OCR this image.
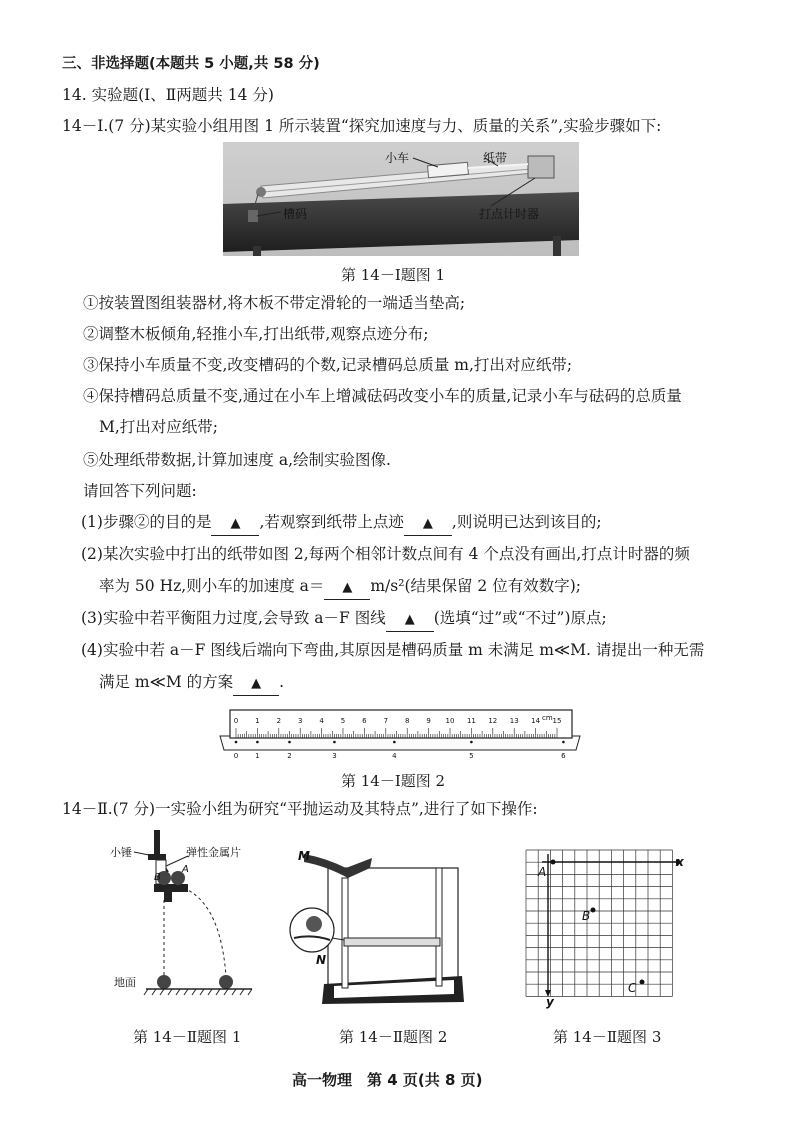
三、非选择题(本题共 5 小题,共 58 分)
14. 实验题(Ⅰ、Ⅱ两题共 14 分)
14－Ⅰ.(7 分)某实验小组用图 1 所示装置“探究加速度与力、质量的关系”,实验步骤如下:
小车	纸带
槽码	打点计时器
第 14－Ⅰ题图 1
①按装置图组装器材,将木板不带定滑轮的一端适当垫高;
②调整木板倾角,轻推小车,打出纸带,观察点迹分布;
③保持小车质量不变,改变槽码的个数,记录槽码总质量 m,打出对应纸带;
④保持槽码总质量不变,通过在小车上增减砝码改变小车的质量,记录小车与砝码的总质量
M,打出对应纸带;
⑤处理纸带数据,计算加速度 a,绘制实验图像.
请回答下列问题:
(1)步骤②的目的是 ▲ ,若观察到纸带上点迹 ▲ ,则说明已达到该目的;
(2)某次实验中打出的纸带如图 2,每两个相邻计数点间有 4 个点没有画出,打点计时器的频
率为 50 Hz,则小车的加速度 a＝ ▲ m/s²(结果保留 2 位有效数字);
(3)实验中若平衡阻力过度,会导致 a－F 图线 ▲ (选填“过”或“不过”)原点;
(4)实验中若 a－F 图线后端向下弯曲,其原因是槽码质量 m 未满足 m≪M. 请提出一种无需
满足 m≪M 的方案 ▲ .
cm
0 1 2 3 4 5 6 7 8 9 10 11 12 13 14 15
0 1	2	3	4	5	6
第 14－Ⅰ题图 2
14－Ⅱ.(7 分)一实验小组为研究“平抛运动及其特点”,进行了如下操作:
小锤	弹性金属片
B
A
地面
M
N
x
y
A
B
C
第 14－Ⅱ题图 1	第 14－Ⅱ题图 2	第 14－Ⅱ题图 3
高一物理　第 4 页(共 8 页)
